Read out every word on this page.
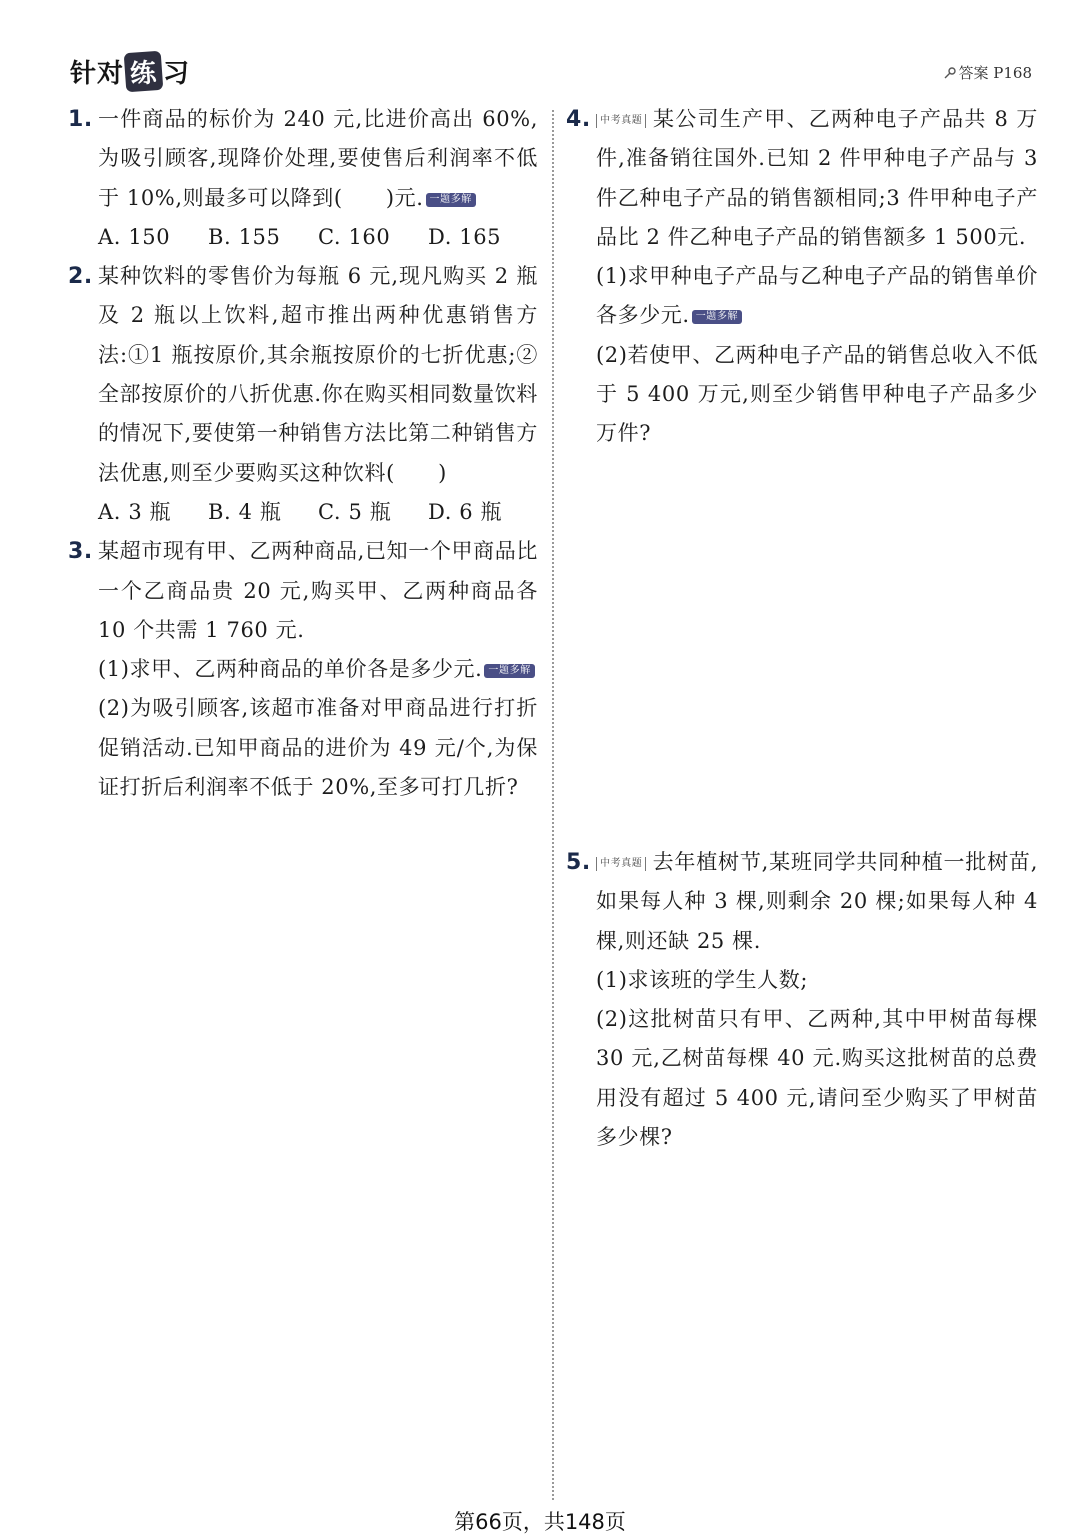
针对 练 习	答案 P168
1. 一件商品的标价为 240 元,比进价高出 60%,为吸引顾客,现降价处理,要使售后利润率不低于 10%,则最多可以降到(　　)元. 一题多解

A. 150	B. 155	C. 160	D. 165
2. 某种饮料的零售价为每瓶 6 元,现凡购买 2 瓶及 2 瓶以上饮料,超市推出两种优惠销售方法:①1 瓶按原价,其余瓶按原价的七折优惠;②全部按原价的八折优惠.你在购买相同数量饮料的情况下,要使第一种销售方法比第二种销售方法优惠,则至少要购买这种饮料(　　)

A. 3 瓶	B. 4 瓶	C. 5 瓶	D. 6 瓶
3. 某超市现有甲、乙两种商品,已知一个甲商品比一个乙商品贵 20 元,购买甲、乙两种商品各 10 个共需 1 760 元.

(1)求甲、乙两种商品的单价各是多少元. 一题多解

(2)为吸引顾客,该超市准备对甲商品进行打折促销活动.已知甲商品的进价为 49 元/个,为保证打折后利润率不低于 20%,至多可打几折?

4. 中考真题 某公司生产甲、乙两种电子产品共 8 万件,准备销往国外.已知 2 件甲种电子产品与 3 件乙种电子产品的销售额相同;3 件甲种电子产品比 2 件乙种电子产品的销售额多 1 500元.

(1)求甲种电子产品与乙种电子产品的销售单价各多少元. 一题多解

(2)若使甲、乙两种电子产品的销售总收入不低于 5 400 万元,则至少销售甲种电子产品多少万件?

5. 中考真题 去年植树节,某班同学共同种植一批树苗,如果每人种 3 棵,则剩余 20 棵;如果每人种 4 棵,则还缺 25 棵.

(1)求该班的学生人数;

(2)这批树苗只有甲、乙两种,其中甲树苗每棵 30 元,乙树苗每棵 40 元.购买这批树苗的总费用没有超过 5 400 元,请问至少购买了甲树苗多少棵?

第66页，共148页
